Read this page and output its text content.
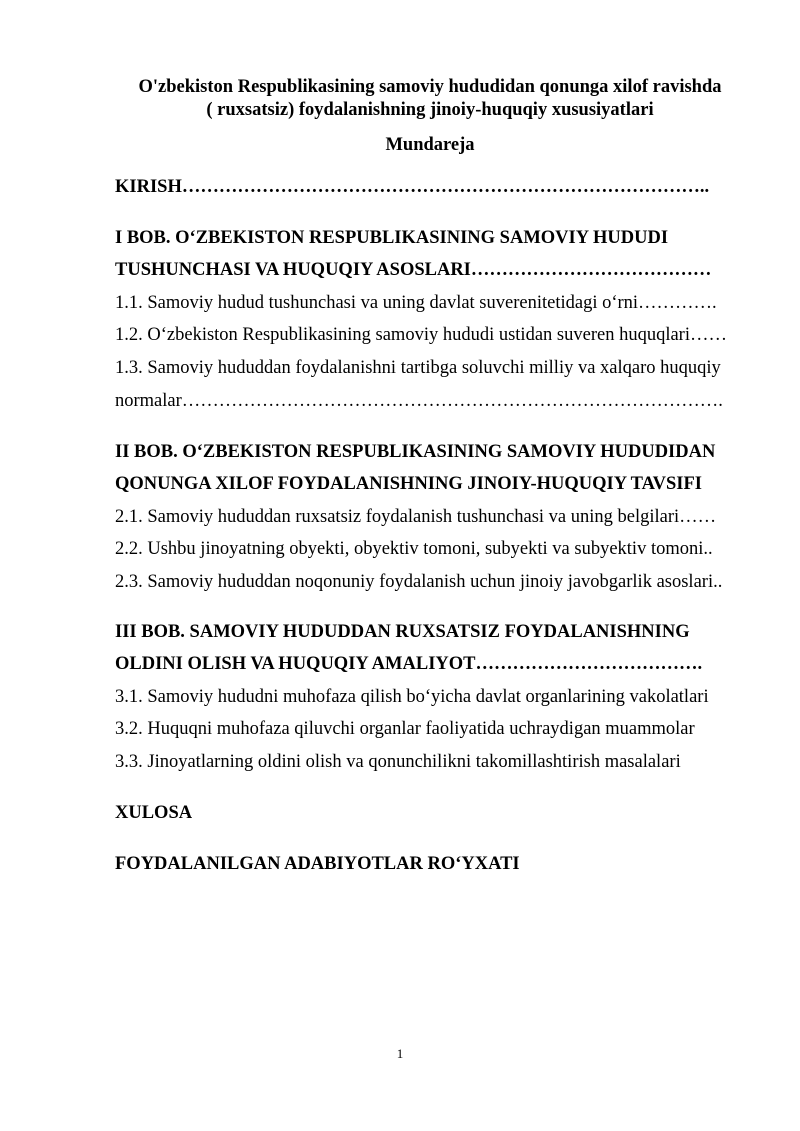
O'zbekiston Respublikasining samoviy hududidan qonunga xilof ravishda
( ruxsatsiz) foydalanishning jinoiy-huquqiy xususiyatlari
Mundareja
KIRISH…………………………………………………………………………..
I BOB. O‘ZBEKISTON RESPUBLIKASINING SAMOVIY HUDUDI
TUSHUNCHASI VA HUQUQIY ASOSLARI…………………………………
1.1. Samoviy hudud tushunchasi va uning davlat suverenitetidagi o‘rni………….
1.2. O‘zbekiston Respublikasining samoviy hududi ustidan suveren huquqlari……
1.3. Samoviy hududdan foydalanishni tartibga soluvchi milliy va xalqaro huquqiy
normalar…………………………………………………………………………….
II BOB. O‘ZBEKISTON RESPUBLIKASINING SAMOVIY HUDUDIDAN
QONUNGA XILOF FOYDALANISHNING JINOIY-HUQUQIY TAVSIFI
2.1. Samoviy hududdan ruxsatsiz foydalanish tushunchasi va uning belgilari……
2.2. Ushbu jinoyatning obyekti, obyektiv tomoni, subyekti va subyektiv tomoni..
2.3. Samoviy hududdan noqonuniy foydalanish uchun jinoiy javobgarlik asoslari..
III BOB. SAMOVIY HUDUDDAN RUXSATSIZ FOYDALANISHNING
OLDINI OLISH VA HUQUQIY AMALIYOT……………………………….
3.1. Samoviy hududni muhofaza qilish bo‘yicha davlat organlarining vakolatlari
3.2. Huquqni muhofaza qiluvchi organlar faoliyatida uchraydigan muammolar
3.3. Jinoyatlarning oldini olish va qonunchilikni takomillashtirish masalalari
XULOSA
FOYDALANILGAN ADABIYOTLAR RO‘YXATI
1
